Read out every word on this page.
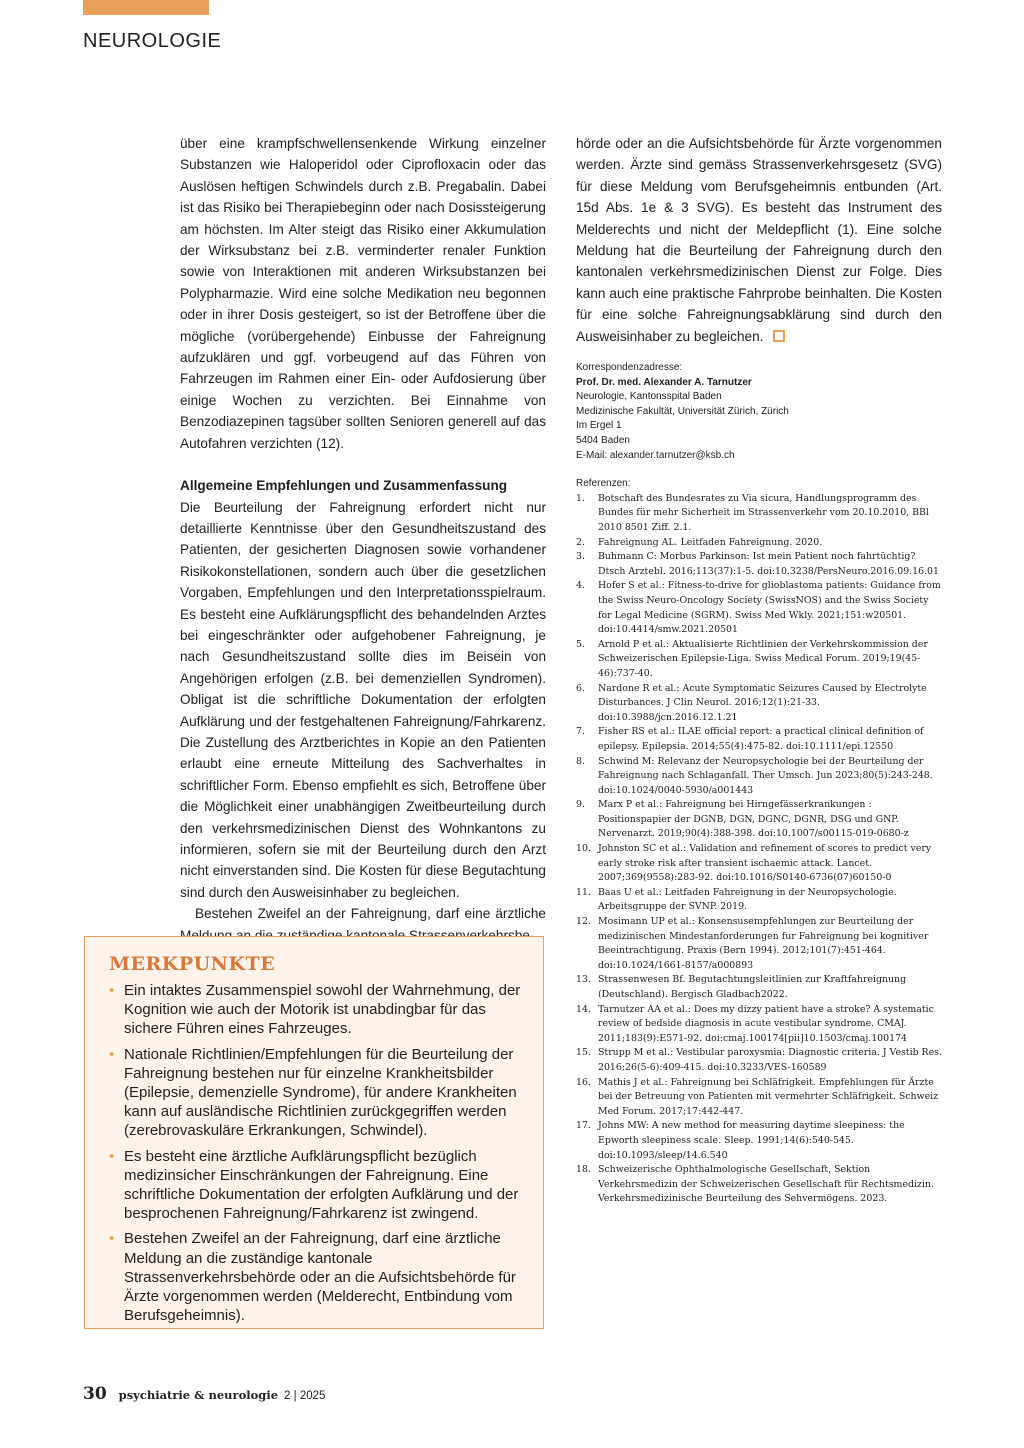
NEUROLOGIE

über eine krampfschwellensenkende Wirkung einzelner Substanzen wie Haloperidol oder Ciprofloxacin oder das Auslösen heftigen Schwindels durch z.B. Pregabalin. Dabei ist das Risiko bei Therapiebeginn oder nach Dosissteigerung am höchsten. Im Alter steigt das Risiko einer Akkumulation der Wirksubstanz bei z.B. verminderter renaler Funktion sowie von Interaktionen mit anderen Wirksubstanzen bei Polypharmazie. Wird eine solche Medikation neu begonnen oder in ihrer Dosis gesteigert, so ist der Betroffene über die mögliche (vorübergehende) Einbusse der Fahreignung aufzuklären und ggf. vorbeugend auf das Führen von Fahrzeugen im Rahmen einer Ein- oder Aufdosierung über einige Wochen zu verzichten. Bei Einnahme von Benzodiazepinen tagsüber sollten Senioren generell auf das Autofahren verzichten (12).

Allgemeine Empfehlungen und Zusammenfassung

Die Beurteilung der Fahreignung erfordert nicht nur detaillierte Kenntnisse über den Gesundheitszustand des Patienten, der gesicherten Diagnosen sowie vorhandener Risikokonstellationen, sondern auch über die gesetzlichen Vorgaben, Empfehlungen und den Interpretationsspielraum. Es besteht eine Aufklärungspflicht des behandelnden Arztes bei eingeschränkter oder aufgehobener Fahreignung, je nach Gesundheitszustand sollte dies im Beisein von Angehörigen erfolgen (z.B. bei demenziellen Syndromen). Obligat ist die schriftliche Dokumentation der erfolgten Aufklärung und der festgehaltenen Fahreignung/Fahrkarenz. Die Zustellung des Arztberichtes in Kopie an den Patienten erlaubt eine erneute Mitteilung des Sachverhaltes in schriftlicher Form. Ebenso empfiehlt es sich, Betroffene über die Möglichkeit einer unabhängigen Zweitbeurteilung durch den verkehrsmedizinischen Dienst des Wohnkantons zu informieren, sofern sie mit der Beurteilung durch den Arzt nicht einverstanden sind. Die Kosten für diese Begutachtung sind durch den Ausweisinhaber zu begleichen.

Bestehen Zweifel an der Fahreignung, darf eine ärztliche

hörde oder an die Aufsichtsbehörde für Ärzte vorgenommen werden. Ärzte sind gemäss Strassenverkehrsgesetz (SVG) für diese Meldung vom Berufsgeheimnis entbunden (Art. 15d Abs. 1e & 3 SVG). Es besteht das Instrument des Melderechts und nicht der Meldepflicht (1). Eine solche Meldung hat die Beurteilung der Fahreignung durch den kantonalen verkehrsmedizinischen Dienst zur Folge. Dies kann auch eine praktische Fahrprobe beinhalten. Die Kosten für eine solche Fahreignungsabklärung sind durch den Ausweisinhaber zu begleichen.

Korrespondenzadresse:
Prof. Dr. med. Alexander A. Tarnutzer
Neurologie, Kantonsspital Baden
Medizinische Fakultät, Universität Zürich, Zürich
Im Ergel 1
5404 Baden
E-Mail: alexander.tarnutzer@ksb.ch
Referenzen:
1.	Botschaft des Bundesrates zu Via sicura, Handlungsprogramm des Bundes für mehr Sicherheit im Strassenverkehr vom 20.10.2010, BBl 2010 8501 Ziff. 2.1.
2.	Fahreignung AL. Leitfaden Fahreignung. 2020.
3.	Buhmann C: Morbus Parkinson: Ist mein Patient noch fahrtüchtig? Dtsch Arztebl. 2016;113(37):1-5. doi:10.3238/PersNeuro.2016.09.16.01
4.	Hofer S et al.: Fitness-to-drive for glioblastoma patients: Guidance from the Swiss Neuro-Oncology Society (SwissNOS) and the Swiss Society for Legal Medicine (SGRM). Swiss Med Wkly. 2021;151:w20501. doi:10.4414/smw.2021.20501
5.	Arnold P et al.: Aktualisierte Richtlinien der Verkehrskommission der Schweizerischen Epilepsie-Liga. Swiss Medical Forum. 2019;19(45-46):737-40.
6.	Nardone R et al.: Acute Symptomatic Seizures Caused by Electrolyte Disturbances. J Clin Neurol. 2016;12(1):21-33. doi:10.3988/jcn.2016.12.1.21
7.	Fisher RS et al.: ILAE official report: a practical clinical definition of epilepsy. Epilepsia. 2014;55(4):475-82. doi:10.1111/epi.12550
8.	Schwind M: Relevanz der Neuropsychologie bei der Beurteilung der Fahreignung nach Schlaganfall. Ther Umsch. Jun 2023;80(5):243-248. doi:10.1024/0040-5930/a001443
9.	Marx P et al.: Fahreignung bei Hirngefässerkrankungen : Positionspapier der DGNB, DGN, DGNC, DGNR, DSG und GNP. Nervenarzt. 2019;90(4):388-398. doi:10.1007/s00115-019-0680-z
10. Johnston SC et al.: Validation and refinement of scores to predict very early stroke risk after transient ischaemic attack. Lancet. 2007;369(9558):283-92. doi:10.1016/S0140-6736(07)60150-0
11. Baas U et al.: Leitfaden Fahreignung in der Neuropsychologie. Arbeitsgruppe der SVNP. 2019.
12. Mosimann UP et al.: Konsensusempfehlungen zur Beurteilung der medizinischen Mindestanforderungen fur Fahreignung bei kognitiver Beeintrachtigung. Praxis (Bern 1994). 2012;101(7):451-464. doi:10.1024/1661-8157/a000893
13. Strassenwesen Bf. Begutachtungsleitlinien zur Kraftfahreignung (Deutschland). Bergisch Gladbach2022.
14. Tarnutzer AA et al.: Does my dizzy patient have a stroke? A systematic review of bedside diagnosis in acute vestibular syndrome. CMAJ. 2011;183(9):E571-92. doi:cmaj.100174[pii]10.1503/cmaj.100174
15. Strupp M et al.: Vestibular paroxysmia: Diagnostic criteria. J Vestib Res. 2016;26(5-6):409-415. doi:10.3233/VES-160589
16. Mathis J et al.: Fahreignung bei Schläfrigkeit. Empfehlungen für Ärzte bei der Betreuung von Patienten mit vermehrter Schläfrigkeit. Schweiz Med Forum. 2017;17:442-447.
17. Johns MW: A new method for measuring daytime sleepiness: the Epworth sleepiness scale. Sleep. 1991;14(6):540-545. doi:10.1093/sleep/14.6.540
18. Schweizerische Ophthalmologische Gesellschaft, Sektion Verkehrsmedizin der Schweizerischen Gesellschaft für Rechtsmedizin. Verkehrsmedizinische Beurteilung des Sehvermögens. 2023.
MERKPUNKTE
• Ein intaktes Zusammenspiel sowohl der Wahrnehmung, der Kognition wie auch der Motorik ist unabdingbar für das sichere Führen eines Fahrzeuges.
• Nationale Richtlinien/Empfehlungen für die Beurteilung der Fahreignung bestehen nur für einzelne Krankheitsbilder (Epilepsie, demenzielle Syndrome), für andere Krankheiten kann auf ausländische Richtlinien zurückgegriffen werden (zerebrovaskuläre Erkrankungen, Schwindel).
• Es besteht eine ärztliche Aufklärungspflicht bezüglich medizinsicher Einschränkungen der Fahreignung. Eine schriftliche Dokumentation der erfolgten Aufklärung und der besprochenen Fahreignung/Fahrkarenz ist zwingend.
• Bestehen Zweifel an der Fahreignung, darf eine ärztliche Meldung an die zuständige kantonale Strassenverkehrsbehörde oder an die Aufsichtsbehörde für Ärzte vorgenommen werden (Melderecht, Entbindung vom Berufsgeheimnis).
30 psychiatrie & neurologie 2 | 2025
